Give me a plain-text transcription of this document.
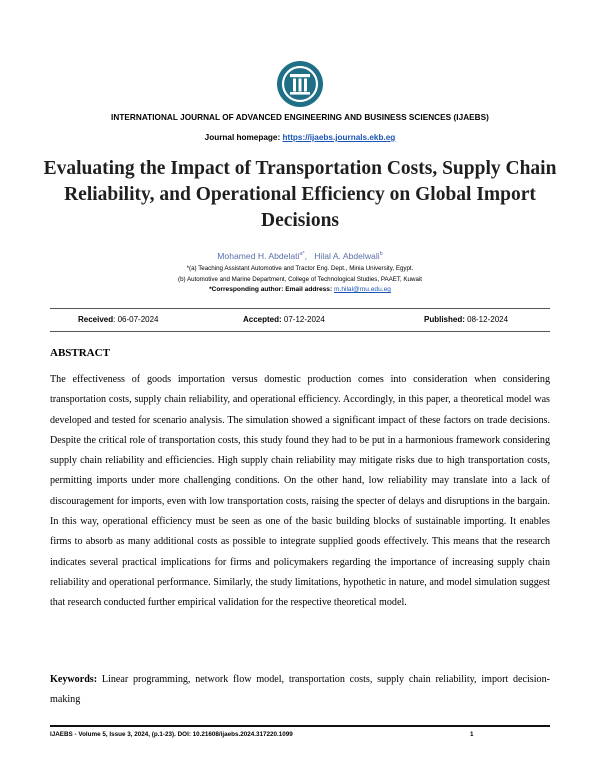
INTERNATIONAL JOURNAL OF ADVANCED ENGINEERING AND BUSINESS SCIENCES (IJAEBS)
Journal homepage: https://ijaebs.journals.ekb.eg
Evaluating the Impact of Transportation Costs, Supply Chain Reliability, and Operational Efficiency on Global Import Decisions
Mohamed H. Abdelati$^{a*}$,   Hilal A. Abdelwali$^b$
*(a) Teaching Assistant Automotive and Tractor Eng. Dept., Minia University, Egypt.
(b) Automotive and Marine Department, College of Technological Studies, PAAET, Kuwait
*Corresponding author: Email address: m.hilal@mu.edu.eg
Received: 06-07-2024	Accepted: 07-12-2024	Published: 08-12-2024
ABSTRACT

The effectiveness of goods importation versus domestic production comes into consideration when considering transportation costs, supply chain reliability, and operational efficiency. Accordingly, in this paper, a theoretical model was developed and tested for scenario analysis. The simulation showed a significant impact of these factors on trade decisions. Despite the critical role of transportation costs, this study found they had to be put in a harmonious framework considering supply chain reliability and efficiencies. High supply chain reliability may mitigate risks due to high transportation costs, permitting imports under more challenging conditions. On the other hand, low reliability may translate into a lack of discouragement for imports, even with low transportation costs, raising the specter of delays and disruptions in the bargain. In this way, operational efficiency must be seen as one of the basic building blocks of sustainable importing. It enables firms to absorb as many additional costs as possible to integrate supplied goods effectively. This means that the research indicates several practical implications for firms and policymakers regarding the importance of increasing supply chain reliability and operational performance. Similarly, the study limitations, hypothetic in nature, and model simulation suggest that research conducted further empirical validation for the respective theoretical model.

Keywords: Linear programming, network flow model, transportation costs, supply chain reliability, import decision-making

IJAEBS - Volume 5, Issue 3, 2024, (p.1-23). DOI: 10.21608/ijaebs.2024.317220.1099	1
